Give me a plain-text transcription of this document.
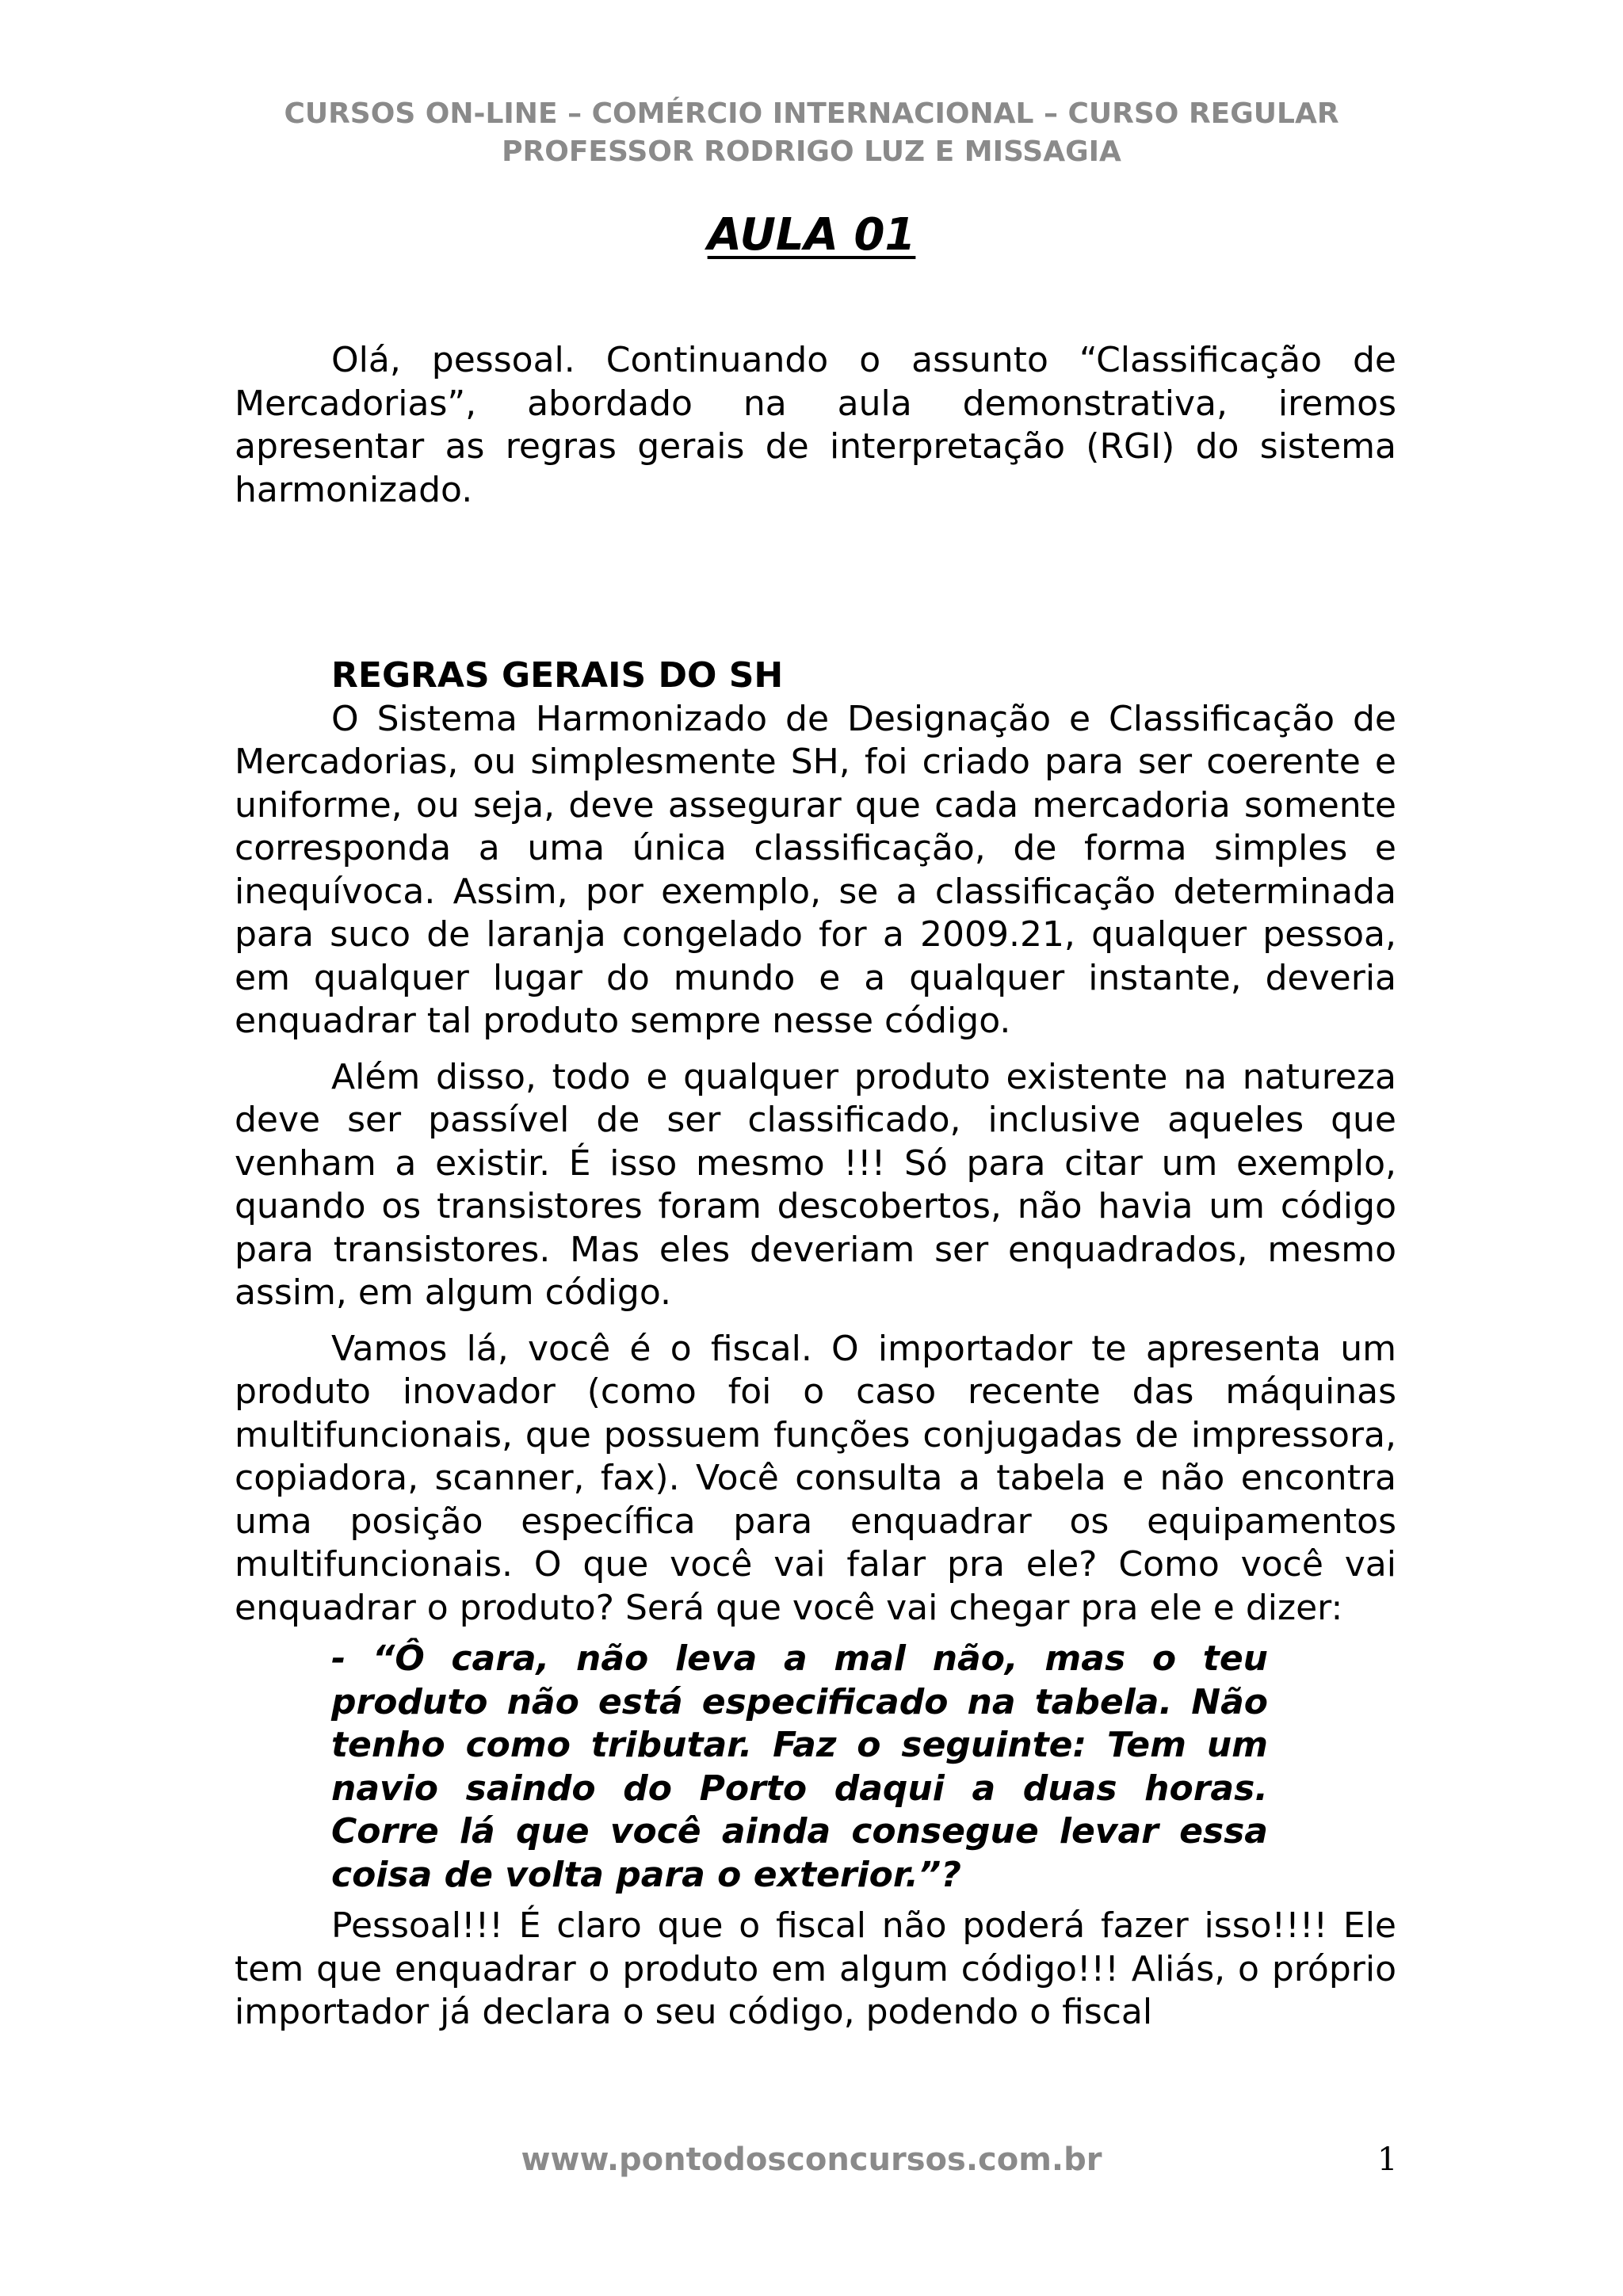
CURSOS ON-LINE – COMÉRCIO INTERNACIONAL – CURSO REGULAR
PROFESSOR RODRIGO LUZ E MISSAGIA
AULA 01

Olá, pessoal. Continuando o assunto “Classificação de Mercadorias”, abordado na aula demonstrativa, iremos apresentar as regras gerais de interpretação (RGI) do sistema harmonizado.

REGRAS GERAIS DO SH

O Sistema Harmonizado de Designação e Classificação de Mercadorias, ou simplesmente SH, foi criado para ser coerente e uniforme, ou seja, deve assegurar que cada mercadoria somente corresponda a uma única classificação, de forma simples e inequívoca. Assim, por exemplo, se a classificação determinada para suco de laranja congelado for a 2009.21, qualquer pessoa, em qualquer lugar do mundo e a qualquer instante, deveria enquadrar tal produto sempre nesse código.

Além disso, todo e qualquer produto existente na natureza deve ser passível de ser classificado, inclusive aqueles que venham a existir. É isso mesmo !!! Só para citar um exemplo, quando os transistores foram descobertos, não havia um código para transistores. Mas eles deveriam ser enquadrados, mesmo assim, em algum código.

Vamos lá, você é o fiscal. O importador te apresenta um produto inovador (como foi o caso recente das máquinas multifuncionais, que possuem funções conjugadas de impressora, copiadora, scanner, fax). Você consulta a tabela e não encontra uma posição específica para enquadrar os equipamentos multifuncionais. O que você vai falar pra ele? Como você vai enquadrar o produto? Será que você vai chegar pra ele e dizer:

- “Ô cara, não leva a mal não, mas o teu produto não está especificado na tabela. Não tenho como tributar. Faz o seguinte: Tem um navio saindo do Porto daqui a duas horas. Corre lá que você ainda consegue levar essa coisa de volta para o exterior.”?

Pessoal!!! É claro que o fiscal não poderá fazer isso!!!! Ele tem que enquadrar o produto em algum código!!! Aliás, o próprio importador já declara o seu código, podendo o fiscal

www.pontodosconcursos.com.br	1
